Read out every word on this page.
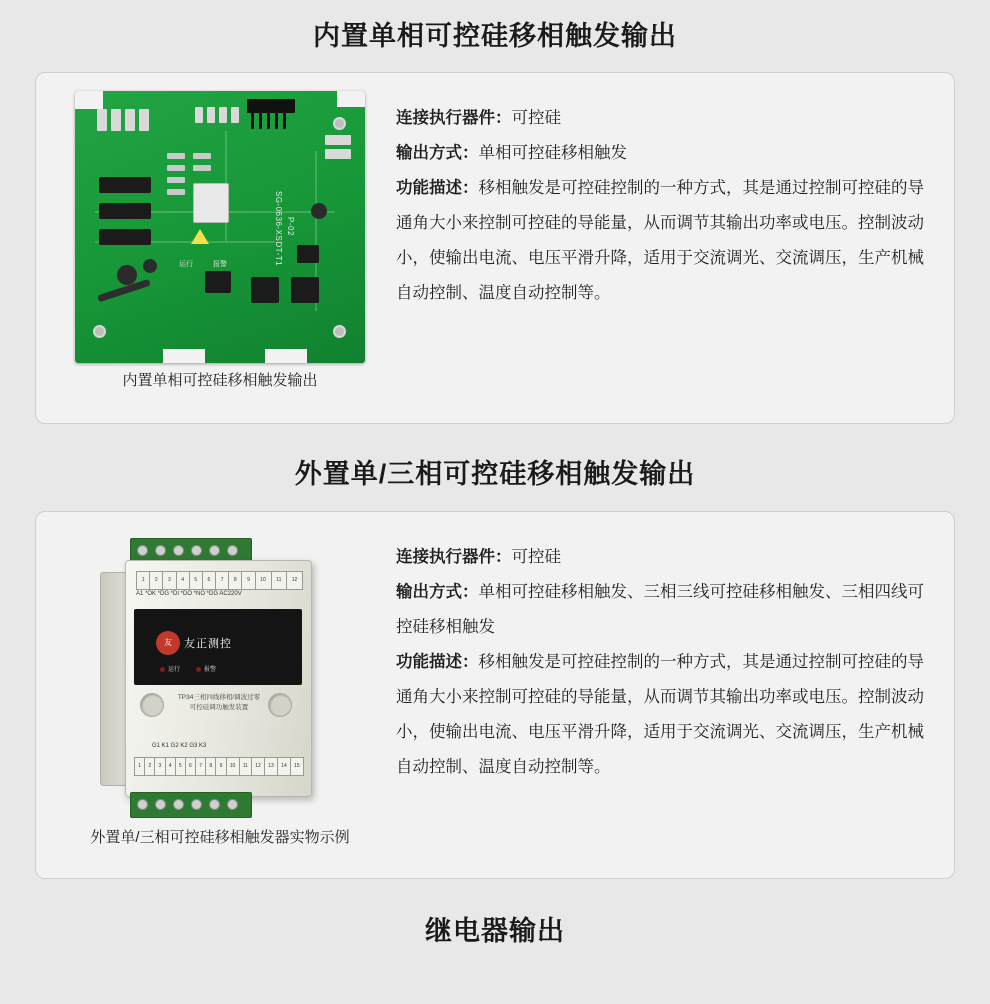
内置单相可控硅移相触发输出
SG-0636-XSDT-T1 P-02
运行	报警
内置单相可控硅移相触发输出

连接执行器件：可控硅

输出方式：单相可控硅移相触发

功能描述：移相触发是可控硅控制的一种方式，其是通过控制可控硅的导通角大小来控制可控硅的导能量，从而调节其输出功率或电压。控制波动小，使输出电流、电压平滑升降，适用于交流调光、交流调压，生产机械自动控制、温度自动控制等。

外置单/三相可控硅移相触发输出
1	2	3	4	5	6	7	8	9	10	11	12
A1 *OK *DG *DI *DO *NO *DG AC220V
友	友正测控
运行	报警
TP34三相四线移相/调波过零
可控硅调功触发装置
G1 K1 G2 K2 G3 K3
1	2	3	4	5	6	7	8	9	10	11	12	13	14	15
外置单/三相可控硅移相触发器实物示例

连接执行器件：可控硅

输出方式：单相可控硅移相触发、三相三线可控硅移相触发、三相四线可控硅移相触发

功能描述：移相触发是可控硅控制的一种方式，其是通过控制可控硅的导通角大小来控制可控硅的导能量，从而调节其输出功率或电压。控制波动小，使输出电流、电压平滑升降，适用于交流调光、交流调压，生产机械自动控制、温度自动控制等。

继电器输出
